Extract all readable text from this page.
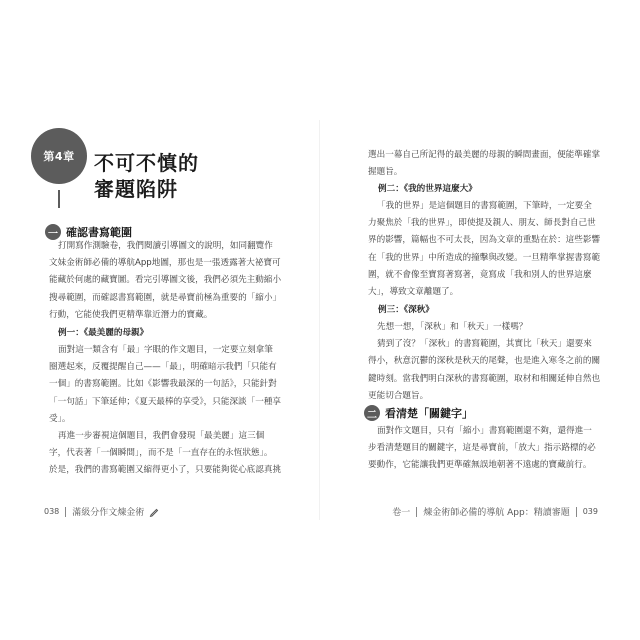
第4章 不可不慎的
審題陷阱
一 確認書寫範圍
打開寫作測驗卷，我們閱讀引導圖文的說明，如同翻覽作
文妹金術師必備的導航App地圖，那也是一張透露著大祕寶可
能藏於何處的藏寶圖。看完引導圖文後，我們必須先主動縮小
搜尋範圍，而確認書寫範圍，就是尋寶前極為重要的「縮小」
行動，它能使我們更精準靠近潛力的寶藏。
例一：《最美麗的母親》
面對這一類含有「最」字眼的作文題目，一定要立刻拿筆
圈選起來，反覆提醒自己——「最」，明確暗示我們「只能有
一個」的書寫範圍。比如《影響我最深的一句話》，只能針對
「一句話」下筆延伸；《夏天最棒的享受》，只能深談「一種享
受」。
再進一步審視這個題目，我們會發現「最美麗」這三個
字，代表著「一個瞬間」，而不是「一直存在的永恆狀態」。
於是，我們的書寫範圍又縮得更小了，只要能夠從心底認真挑
038 滿級分作文煉金術
選出一幕自己所記得的最美麗的母親的瞬間畫面，便能準確掌
握題旨。
例二：《我的世界這麼大》
「我的世界」是這個題目的書寫範圍，下筆時，一定要全
力聚焦於「我的世界」，即使提及親人、朋友、師長對自己世
界的影響，篇幅也不可太長，因為文章的重點在於：這些影響
在「我的世界」中所造成的撞擊與改變。一旦精準掌握書寫範
圍，就不會像至寶寫著寫著，竟寫成「我和別人的世界這麼
大」，導致文章離題了。
例三：《深秋》
先想一想，「深秋」和「秋天」一樣嗎？
猜到了沒？「深秋」的書寫範圍，其實比「秋天」還要來
得小，秋意沉鬱的深秋是秋天的尾聲，也是進入寒冬之前的關
鍵時刻。當我們明白深秋的書寫範圍，取材和相關延伸自然也
更能切合題旨。
二 看清楚「關鍵字」
面對作文題目，只有「縮小」書寫範圍還不夠，還得進一
步看清楚題目的關鍵字，這是尋寶前，「放大」指示路標的必
要動作，它能讓我們更準確無誤地朝著不遠處的寶藏前行。
卷一 煉金術師必備的導航 App：精讀審題 039
